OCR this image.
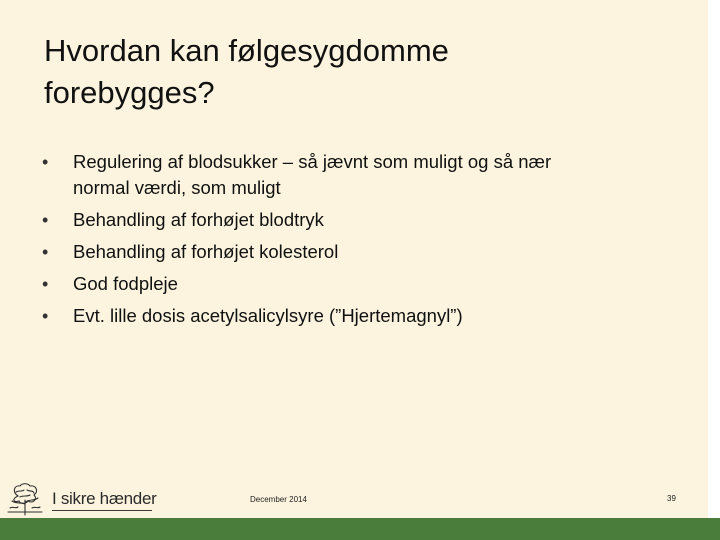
Hvordan kan følgesygdomme
forebygges?
• Regulering af blodsukker – så jævnt som muligt og så nær
normal værdi, som muligt
• Behandling af forhøjet blodtryk
• Behandling af forhøjet kolesterol
• God fodpleje
• Evt. lille dosis acetylsalicylsyre (”Hjertemagnyl”)
I sikre hænder	December 2014	39
